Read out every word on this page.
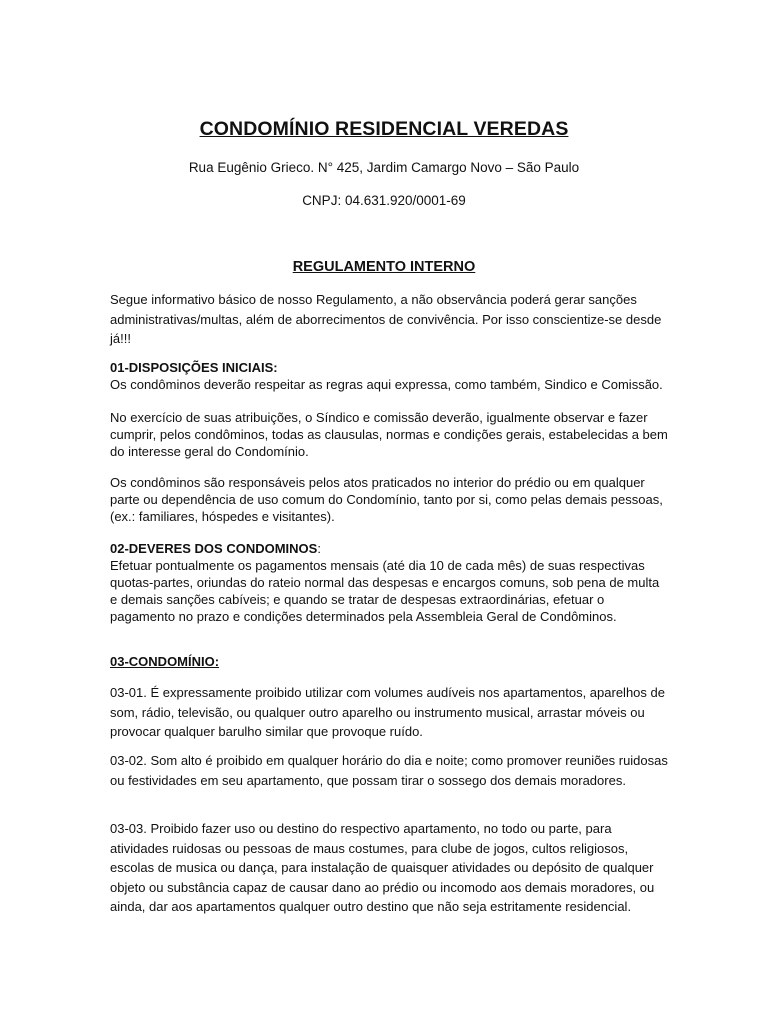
CONDOMÍNIO RESIDENCIAL VEREDAS
Rua Eugênio Grieco. N° 425, Jardim Camargo Novo – São Paulo
CNPJ: 04.631.920/0001-69
REGULAMENTO INTERNO

Segue informativo básico de nosso Regulamento, a não observância poderá gerar sanções administrativas/multas, além de aborrecimentos de convivência. Por isso conscientize-se desde já!!!

01-DISPOSIÇÕES INICIAIS:
Os condôminos deverão respeitar as regras aqui expressa, como também, Sindico e Comissão.

No exercício de suas atribuições, o Síndico e comissão deverão, igualmente observar e fazer cumprir, pelos condôminos, todas as clausulas, normas e condições gerais, estabelecidas a bem do interesse geral do Condomínio.

Os condôminos são responsáveis pelos atos praticados no interior do prédio ou em qualquer parte ou dependência de uso comum do Condomínio, tanto por si, como pelas demais pessoas, (ex.: familiares, hóspedes e visitantes).

02-DEVERES DOS CONDOMINOS:
Efetuar pontualmente os pagamentos mensais (até dia 10 de cada mês) de suas respectivas quotas-partes, oriundas do rateio normal das despesas e encargos comuns, sob pena de multa e demais sanções cabíveis; e quando se tratar de despesas extraordinárias, efetuar o pagamento no prazo e condições determinados pela Assembleia Geral de Condôminos.
03-CONDOMÍNIO:

03-01. É expressamente proibido utilizar com volumes audíveis nos apartamentos, aparelhos de som, rádio, televisão, ou qualquer outro aparelho ou instrumento musical, arrastar móveis ou provocar qualquer barulho similar que provoque ruído.

03-02. Som alto é proibido em qualquer horário do dia e noite; como promover reuniões ruidosas ou festividades em seu apartamento, que possam tirar o sossego dos demais moradores.

03-03. Proibido fazer uso ou destino do respectivo apartamento, no todo ou parte, para atividades ruidosas ou pessoas de maus costumes, para clube de jogos, cultos religiosos, escolas de musica ou dança, para instalação de quaisquer atividades ou depósito de qualquer objeto ou substância capaz de causar dano ao prédio ou incomodo aos demais moradores, ou ainda, dar aos apartamentos qualquer outro destino que não seja estritamente residencial.
